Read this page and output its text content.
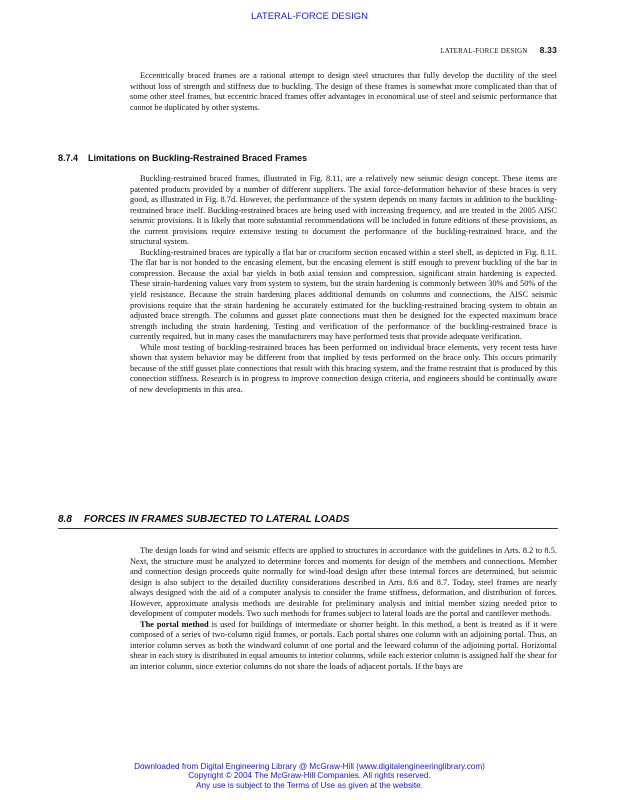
LATERAL-FORCE DESIGN
LATERAL-FORCE DESIGN 8.33

Eccentrically braced frames are a rational attempt to design steel structures that fully develop the ductility of the steel without loss of strength and stiffness due to buckling. The design of these frames is somewhat more complicated than that of some other steel frames, but eccentric braced frames offer advantages in economical use of steel and seismic performance that cannot be duplicated by other systems.

8.7.4 Limitations on Buckling-Restrained Braced Frames

Buckling-restrained braced frames, illustrated in Fig. 8.11, are a relatively new seismic design concept. These items are patented products provided by a number of different suppliers. The axial force-deformation behavior of these braces is very good, as illustrated in Fig. 8.7d. However, the performance of the system depends on many factors in addition to the buckling-restrained brace itself. Buckling-restrained braces are being used with increasing frequency, and are treated in the 2005 AISC seismic provisions. It is likely that more substantial recommendations will be included in future editions of these provisions, as the current provisions require extensive testing to document the performance of the buckling-restrained brace, and the structural system.

Buckling-restrained braces are typically a flat bar or cruciform section encased within a steel shell, as depicted in Fig. 8.11. The flat bar is not bonded to the encasing element, but the encasing element is stiff enough to prevent buckling of the bar in compression. Because the axial bar yields in both axial tension and compression, significant strain hardening is expected. These strain-hardening values vary from system to system, but the strain hardening is commonly between 30% and 50% of the yield resistance. Because the strain hardening places additional demands on columns and connections, the AISC seismic provisions require that the strain hardening be accurately estimated for the buckling-restrained bracing system to obtain an adjusted brace strength. The columns and gusset plate connections must then be designed for the expected maximum brace strength including the strain hardening. Testing and verification of the performance of the buckling-restrained brace is currently required, but in many cases the manufacturers may have performed tests that provide adequate verification.

While most testing of buckling-restrained braces has been performed on individual brace elements, very recent tests have shown that system behavior may be different from that implied by tests performed on the brace only. This occurs primarily because of the stiff gusset plate connections that result with this bracing system, and the frame restraint that is produced by this connection stiffness. Research is in progress to improve connection design criteria, and engineers should be continually aware of new developments in this area.

8.8 FORCES IN FRAMES SUBJECTED TO LATERAL LOADS

The design loads for wind and seismic effects are applied to structures in accordance with the guidelines in Arts. 8.2 to 8.5. Next, the structure must be analyzed to determine forces and moments for design of the members and connections. Member and connection design proceeds quite normally for wind-load design after these internal forces are determined, but seismic design is also subject to the detailed ductility considerations described in Arts. 8.6 and 8.7. Today, steel frames are nearly always designed with the aid of a computer analysis to consider the frame stiffness, deformation, and distribution of forces. However, approximate analysis methods are desirable for preliminary analysis and initial member sizing needed prior to development of computer models. Two such methods for frames subject to lateral loads are the portal and cantilever methods.

The portal method is used for buildings of intermediate or shorter height. In this method, a bent is treated as if it were composed of a series of two-column rigid frames, or portals. Each portal shares one column with an adjoining portal. Thus, an interior column serves as both the windward column of one portal and the leeward column of the adjoining portal. Horizontal shear in each story is distributed in equal amounts to interior columns, while each exterior column is assigned half the shear for an interior column, since exterior columns do not share the loads of adjacent portals. If the bays are

Downloaded from Digital Engineering Library @ McGraw-Hill (www.digitalengineeringlibrary.com)
Copyright © 2004 The McGraw-Hill Companies. All rights reserved.
Any use is subject to the Terms of Use as given at the website.
